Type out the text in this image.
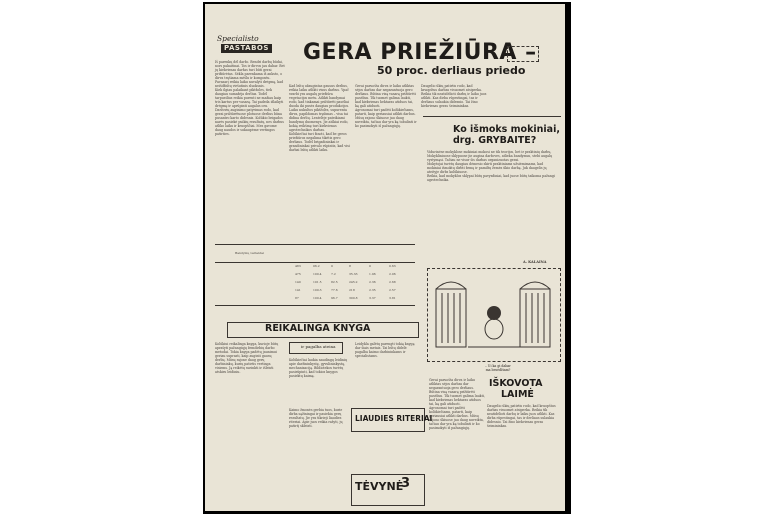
Specialisto
PASTABOS GERA PRIEŽIŪRA –
50 proc. derliaus priedo
Iš parenkų dėl daržo. Bendri darbų būdai, nors pakaitinai. Tos ir dirvos jau dabar. Bet jų kiekvienas daržas turi būti gerai prižiūrėtas. Sėkla parenkama iš anksto, o dirva tręšiama mėšlu ir kompostu. Pavasarį reikia laiku nuvalyti drėgmę, kad neišdžiūtų viršutinis sluoksnis.
Kiek ilgiau palaikant piktžoles, tiek daugiau sumažėja derlius. Todėl tarpueilius reikia purenti ne mažiau kaip tris kartus per vasarą. Tai padeda išlaikyti drėgmę ir aprūpinti augalus oru.
Daržovių auginimo patyrimas rodo, kad gerai prižiūrėtuose plotuose derlius būna pusantro karto didesnis. Kolūkio brigados narės pasiekė puikių rezultatų, nes darbus atliko laiku ir kruopščiai. Mes gavome daug naudos ir sukaupėme vertingos patirties.
Kad būtų užaugintas gausus derlius, reikia laiku atlikti visus darbus. Ypač svarbi yra augalų priežiūra vegetacijos metu. Atlikti bandymai rodo, kad tinkamai prižiūrėti pasėliai duoda iki pusės daugiau produkcijos.
Laiku nukultos piktžolės, supurenta dirva, papildomas tręšimas – visa tai didina derlių. Lentelėje pateikiami bandymų duomenys. Jie aiškiai rodo, kokią reikšmę turi kiekvienas agrotechnikos darbas.
Kolūkiečiai turi žinoti, kad be geros priežiūros negalima tikėtis gero derliaus. Todėl brigadininkai ir grandininkai privalo rūpintis, kad visi darbai būtų atlikti laiku.
Gerai paruošta dirva ir laiku atliktas sėjos darbas dar negarantuoja gero derliaus. Būtina visą vasarą prižiūrėti pasėlius. Tik tuomet galima laukti, kad kiekvienas hektaras atiduos tai, ką gali atiduoti.
Agronomai turi padėti kolūkiečiams, patarti, kaip geriausiai atlikti darbus. Mūsų rajono ūkiuose jau daug nuveikta, tačiau dar yra ką tobulinti ir ko pasimokyti iš pažangiųjų.
Daugelio ūkių patirtis rodo, kad kruopštus darbas visuomet atsiperka. Reikia tik neatidėlioti darbų ir laiku juos atlikti. Kas dirba rūpestingai, tas ir derliaus sulaukia didesnio. Tai žino kiekvienas geras šeimininkas.
Bandymų variantai
483	06.2	0	8	0	0.63
475	100.4	7.2	35.33	1.96	2.06
140	101.5	82.5	245.2	2.36	2.68
141	100.3	77.6	218	2.35	2.57
87	100.4	96.7	300.8	3.37	3.81
Ko išmoks mokiniai,
drg. GRYBAITE?
Vidurinėse mokyklose mokiniai mokosi ne tik teorijos, bet ir praktinių darbų. Mokykliniuose sklypuose jie augina daržoves, atlieka bandymus, stebi augalų vystymąsi. Tačiau ne visur šis darbas organizuotas gerai.
Mokytojai turėtų daugiau dėmesio skirti praktiniams užsiėmimams, kad mokiniai išmoktų dirbti žemę ir pamiltų žemės ūkio darbą. Juk daugelis jų ateityje dirbs kolūkiuose.
Reikia, kad mokyklos sklypai būtų pavyzdiniai, kad juose būtų taikoma pažangi agrotechnika.
A. KALAINA
– Ui ka gi dabar
ma besėdžiam?
REIKALINGA KNYGA
Kolūkiui reikalinga knyga, kurioje būtų aprašyti pažangiųjų žemdirbių darbo metodai. Tokia knyga padėtų jaunimui geriau suprasti, kaip auginti gausų derlių. Mūsų rajone daug gerų darbininkų, kurių patirtis vertinga visiems. Ją reikėtų surinkti ir išleisti atskiru leidiniu.
ir pagalba ateina
Kolūkiečiai laukia naudingų leidinių apie daržininkystę, gyvulininkystę, mechanizaciją. Bibliotekos turėtų pasirūpinti, kad tokios knygos pasiektų kaimą.
Leidykla galėtų parengti tokią knygą dar šiais metais. Tai būtų didelė pagalba kaimo darbininkams ir specialistams.
LIAUDIES RITERIAI
Kaimo žmonės gerbia tuos, kurie dirba sąžiningai ir pasiekia gerų rezultatų. Jie yra tikrieji liaudies riteriai. Apie juos reikia rašyti, jų patirtį skleisti.
TĖVYNĖ
3
IŠKOVOTA
LAIMĖ
Daugelio ūkių patirtis rodo, kad kruopštus darbas visuomet atsiperka. Reikia tik neatidėlioti darbų ir laiku juos atlikti. Kas dirba rūpestingai, tas ir derliaus sulaukia didesnio. Tai žino kiekvienas geras šeimininkas.
Gerai paruošta dirva ir laiku atliktas sėjos darbas dar negarantuoja gero derliaus. Būtina visą vasarą prižiūrėti pasėlius. Tik tuomet galima laukti, kad kiekvienas hektaras atiduos tai, ką gali atiduoti.
Agronomai turi padėti kolūkiečiams, patarti, kaip geriausiai atlikti darbus. Mūsų rajono ūkiuose jau daug nuveikta, tačiau dar yra ką tobulinti ir ko pasimokyti iš pažangiųjų.
